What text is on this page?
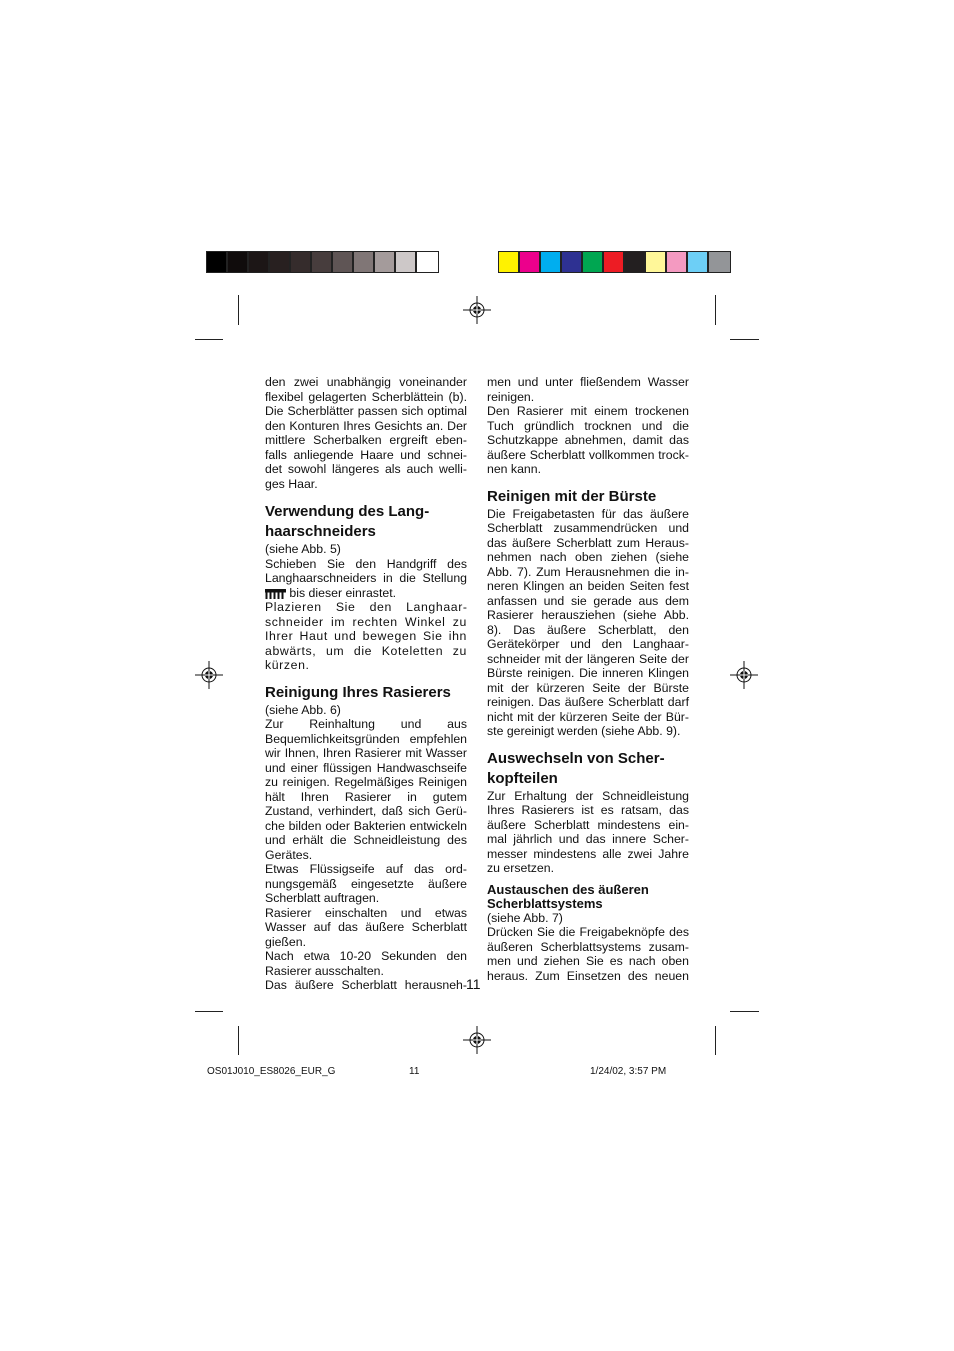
den zwei unabhängig voneinander flexibel gelagerten Scherblättein (b). Die Scherblätter passen sich optimal den Konturen Ihres Gesichts an. Der mittlere Scherbalken ergreift ebenfalls anliegende Haare und schneidet sowohl längeres als auch welliges Haar.

Verwendung des Langhaarschneiders

(siehe Abb. 5)

Schieben Sie den Handgriff des Langhaarschneiders in die Stellung  bis dieser einrastet.

Plazieren Sie den Langhaarschneider im rechten Winkel zu Ihrer Haut und bewegen Sie ihn abwärts, um die Koteletten zu kürzen.

Reinigung Ihres Rasierers

(siehe Abb. 6)

Zur Reinhaltung und aus Bequemlichkeitsgründen empfehlen wir Ihnen, Ihren Rasierer mit Wasser und einer flüssigen Handwaschseife zu reinigen. Regelmäßiges Reinigen hält Ihren Rasierer in gutem Zustand, verhindert, daß sich Gerüche bilden oder Bakterien entwickeln und erhält die Schneidleistung des Gerätes.

Etwas Flüssigseife auf das ordnungsgemäß eingesetzte äußere Scherblatt auftragen.

Rasierer einschalten und etwas Wasser auf das äußere Scherblatt gießen.

Nach etwa 10-20 Sekunden den Rasierer ausschalten.

Das äußere Scherblatt herausneh-

men und unter fließendem Wasser reinigen.

Den Rasierer mit einem trockenen Tuch gründlich trocknen und die Schutzkappe abnehmen, damit das äußere Scherblatt vollkommen trocknen kann.

Reinigen mit der Bürste

Die Freigabetasten für das äußere Scherblatt zusammendrücken und das äußere Scherblatt zum Herausnehmen nach oben ziehen (siehe Abb. 7). Zum Herausnehmen die inneren Klingen an beiden Seiten fest anfassen und sie gerade aus dem Rasierer herausziehen (siehe Abb. 8). Das äußere Scherblatt, den Gerätekörper und den Langhaarschneider mit der längeren Seite der Bürste reinigen. Die inneren Klingen mit der kürzeren Seite der Bürste reinigen. Das äußere Scherblatt darf nicht mit der kürzeren Seite der Bürste gereinigt werden (siehe Abb. 9).

Auswechseln von Scherkopfteilen

Zur Erhaltung der Schneidleistung Ihres Rasierers ist es ratsam, das äußere Scherblatt mindestens einmal jährlich und das innere Schermesser mindestens alle zwei Jahre zu ersetzen.

Austauschen des äußeren Scherblattsystems

(siehe Abb. 7)

Drücken Sie die Freigabeknöpfe des äußeren Scherblattsystems zusammen und ziehen Sie es nach oben heraus. Zum Einsetzen des neuen

11
OS01J010_ES8026_EUR_G	11	1/24/02, 3:57 PM
